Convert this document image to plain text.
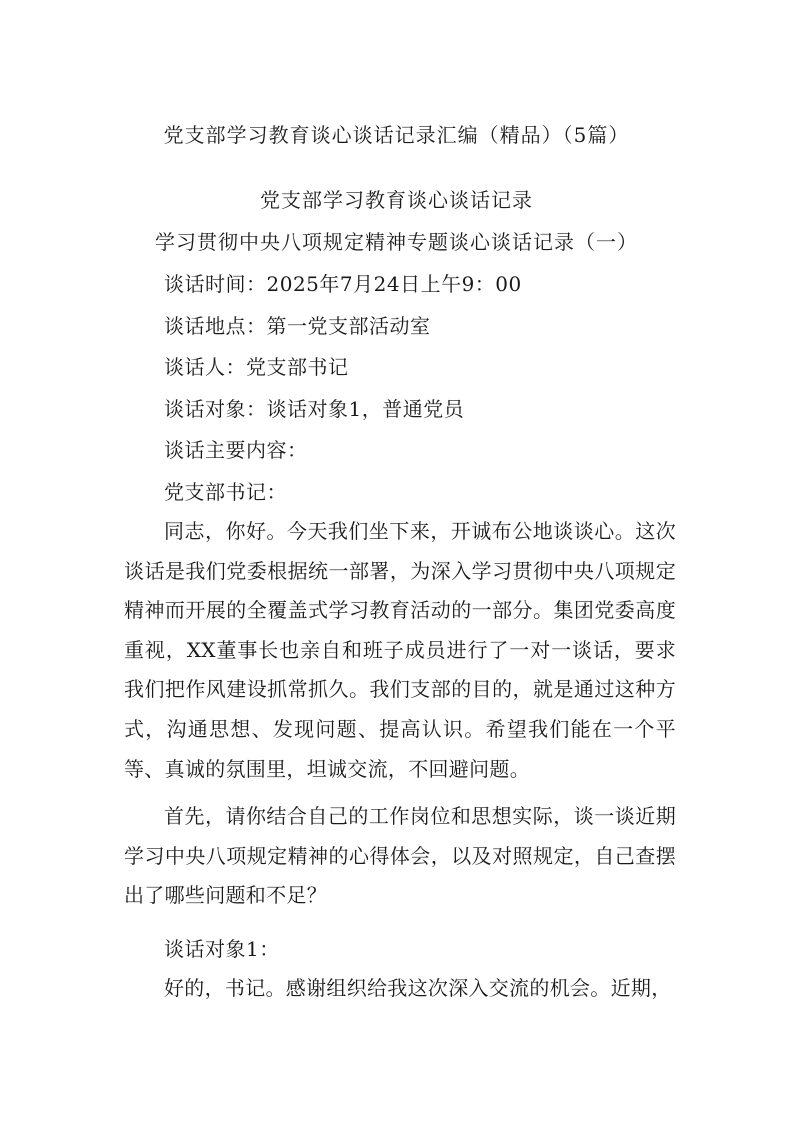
党支部学习教育谈心谈话记录汇编（精品）（5篇）
党支部学习教育谈心谈话记录
学习贯彻中央八项规定精神专题谈心谈话记录（一）
谈话时间：2025年7月24日上午9：00
谈话地点：第一党支部活动室
谈话人：党支部书记
谈话对象：谈话对象1，普通党员
谈话主要内容：
党支部书记：
同志，你好。今天我们坐下来，开诚布公地谈谈心。这次谈话是我们党委根据统一部署，为深入学习贯彻中央八项规定精神而开展的全覆盖式学习教育活动的一部分。集团党委高度重视，XX董事长也亲自和班子成员进行了一对一谈话，要求我们把作风建设抓常抓久。我们支部的目的，就是通过这种方式，沟通思想、发现问题、提高认识。希望我们能在一个平等、真诚的氛围里，坦诚交流，不回避问题。
首先，请你结合自己的工作岗位和思想实际，谈一谈近期学习中央八项规定精神的心得体会，以及对照规定，自己查摆出了哪些问题和不足？
谈话对象1：
好的，书记。感谢组织给我这次深入交流的机会。近期，
